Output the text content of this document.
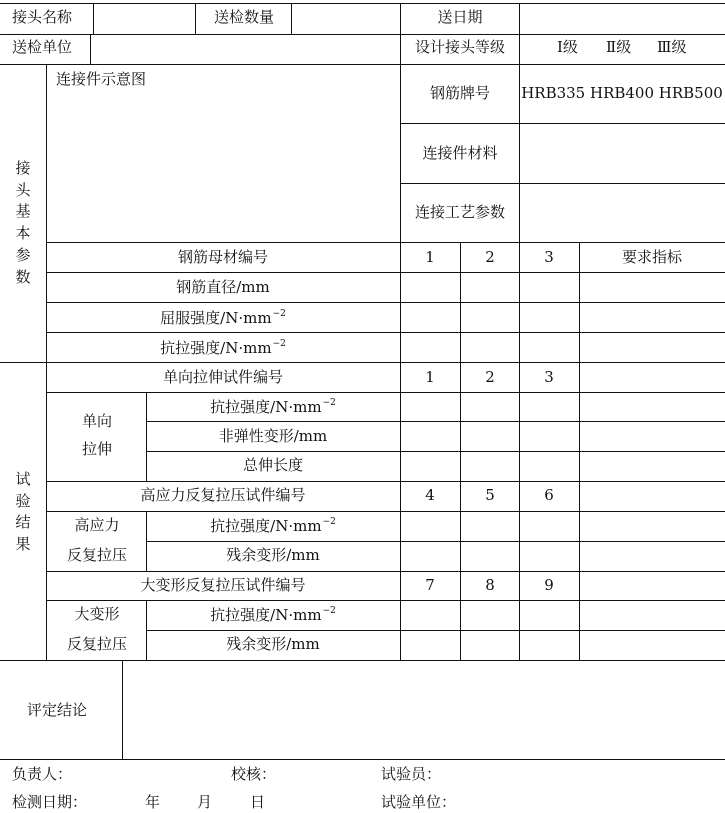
接头名称	送检数量	送日期
送检单位	设计接头等级	Ⅰ级 Ⅱ级 Ⅲ级
接头基本参数
连接件示意图
钢筋牌号 HRB335 HRB400 HRB500
连接件材料
连接工艺参数
钢筋母材编号	1	2	3	要求指标
钢筋直径/mm
屈服强度$/N\cdot mm^{-2}$
抗拉强度$/N\cdot mm^{-2}$
试验结果
单向拉伸试件编号	1	2	3
单向
拉伸
抗拉强度$/N\cdot mm^{-2}$
非弹性变形/mm
总伸长度
高应力反复拉压试件编号	4	5	6
高应力
反复拉压
抗拉强度$/N\cdot mm^{-2}$
残余变形/mm
大变形反复拉压试件编号	7	8	9
大变形
反复拉压
抗拉强度$/N\cdot mm^{-2}$
残余变形/mm
评定结论
负责人：	校核：	试验员：
检测日期：	年 月	日	试验单位：
